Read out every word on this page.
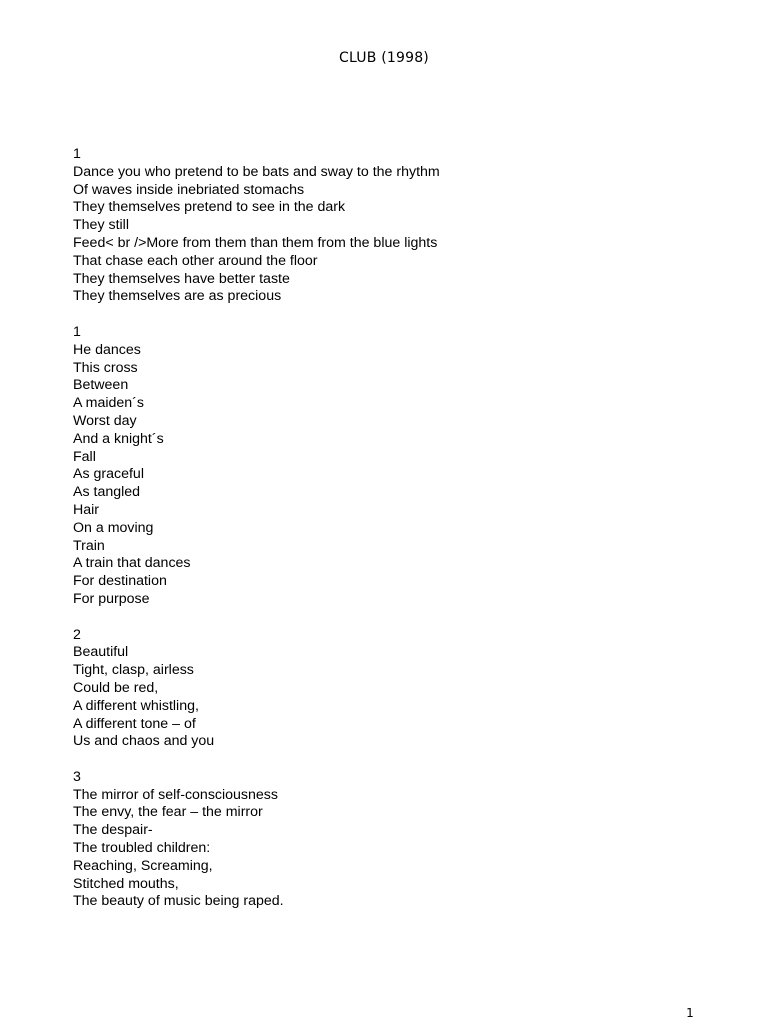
CLUB (1998)
1
Dance you who pretend to be bats and sway to the rhythm
Of waves inside inebriated stomachs
They themselves pretend to see in the dark
They still
Feed< br />More from them than them from the blue lights
That chase each other around the floor
They themselves have better taste
They themselves are as precious
1
He dances
This cross
Between
A maiden´s
Worst day
And a knight´s
Fall
As graceful
As tangled
Hair
On a moving
Train
A train that dances
For destination
For purpose
2
Beautiful
Tight, clasp, airless
Could be red,
A different whistling,
A different tone – of
Us and chaos and you
3
The mirror of self-consciousness
The envy, the fear – the mirror
The despair-
The troubled children:
Reaching, Screaming,
Stitched mouths,
The beauty of music being raped.
1
